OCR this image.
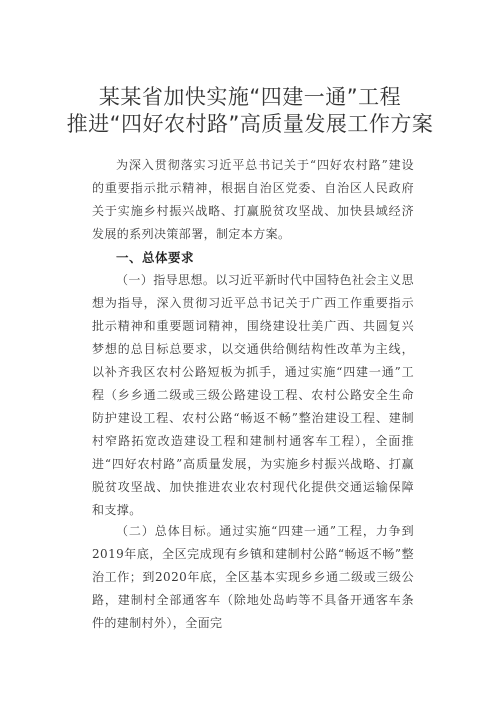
某某省加快实施“四建一通”工程
推进“四好农村路”高质量发展工作方案
为深入贯彻落实习近平总书记关于“四好农村路”建设的重要指示批示精神，根据自治区党委、自治区人民政府关于实施乡村振兴战略、打赢脱贫攻坚战、加快县域经济发展的系列决策部署，制定本方案。
一、总体要求
（一）指导思想。以习近平新时代中国特色社会主义思想为指导，深入贯彻习近平总书记关于广西工作重要指示批示精神和重要题词精神，围绕建设壮美广西、共圆复兴梦想的总目标总要求，以交通供给侧结构性改革为主线，以补齐我区农村公路短板为抓手，通过实施“四建一通”工程（乡乡通二级或三级公路建设工程、农村公路安全生命防护建设工程、农村公路“畅返不畅”整治建设工程、建制村窄路拓宽改造建设工程和建制村通客车工程），全面推进“四好农村路”高质量发展，为实施乡村振兴战略、打赢脱贫攻坚战、加快推进农业农村现代化提供交通运输保障和支撑。
（二）总体目标。通过实施“四建一通”工程，力争到2019年底，全区完成现有乡镇和建制村公路“畅返不畅”整治工作；到2020年底，全区基本实现乡乡通二级或三级公路，建制村全部通客车（除地处岛屿等不具备开通客车条件的建制村外），全面完
